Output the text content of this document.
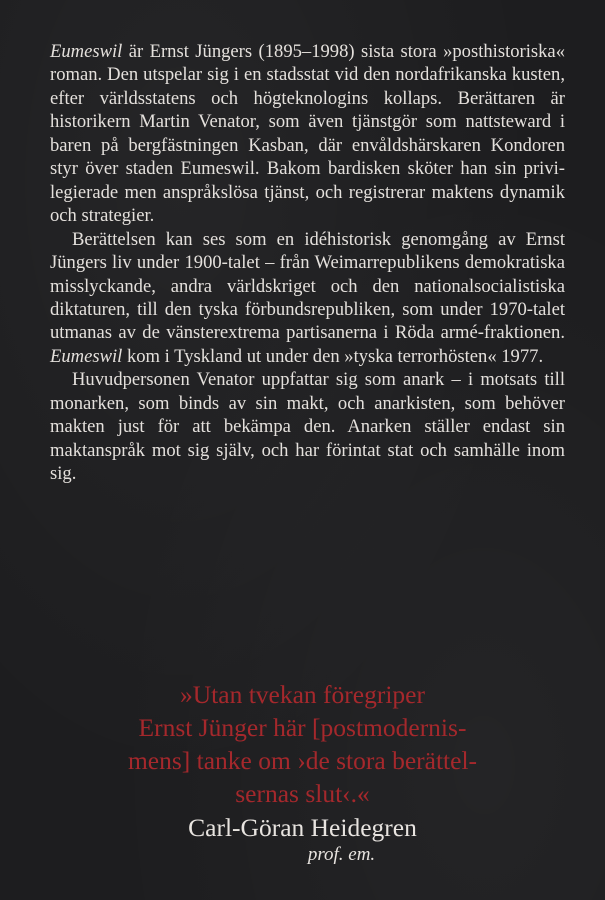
Eumeswil är Ernst Jüngers (1895–1998) sista stora »posthistoriska« roman. Den utspelar sig i en stadsstat vid den nordafrikanska kusten, efter världsstatens och högteknologins kollaps. Berättaren är historikern Martin Venator, som även tjänstgör som nattsteward i baren på bergfästningen Kasban, där envåldshärskaren Kondoren styr över staden Eumeswil. Bakom bardisken sköter han sin privilegierade men anspråkslösa tjänst, och registrerar maktens dynamik och strategier.

Berättelsen kan ses som en idéhistorisk genomgång av Ernst Jüngers liv under 1900-talet – från Weimarrepublikens demokratiska misslyckande, andra världskriget och den nationalsocialistiska diktaturen, till den tyska förbundsrepubliken, som under 1970-talet utmanas av de vänsterextrema partisanerna i Röda armé-fraktionen. Eumeswil kom i Tyskland ut under den »tyska terrorhösten« 1977.

Huvudpersonen Venator uppfattar sig som anark – i motsats till monarken, som binds av sin makt, och anarkisten, som behöver makten just för att bekämpa den. Anarken ställer endast sin maktanspråk mot sig själv, och har förintat stat och samhälle inom sig.

»Utan tvekan föregriper
Ernst Jünger här [postmodernis-
mens] tanke om ›de stora berättel-
sernas slut‹.«
Carl-Göran Heidegren
prof. em.
